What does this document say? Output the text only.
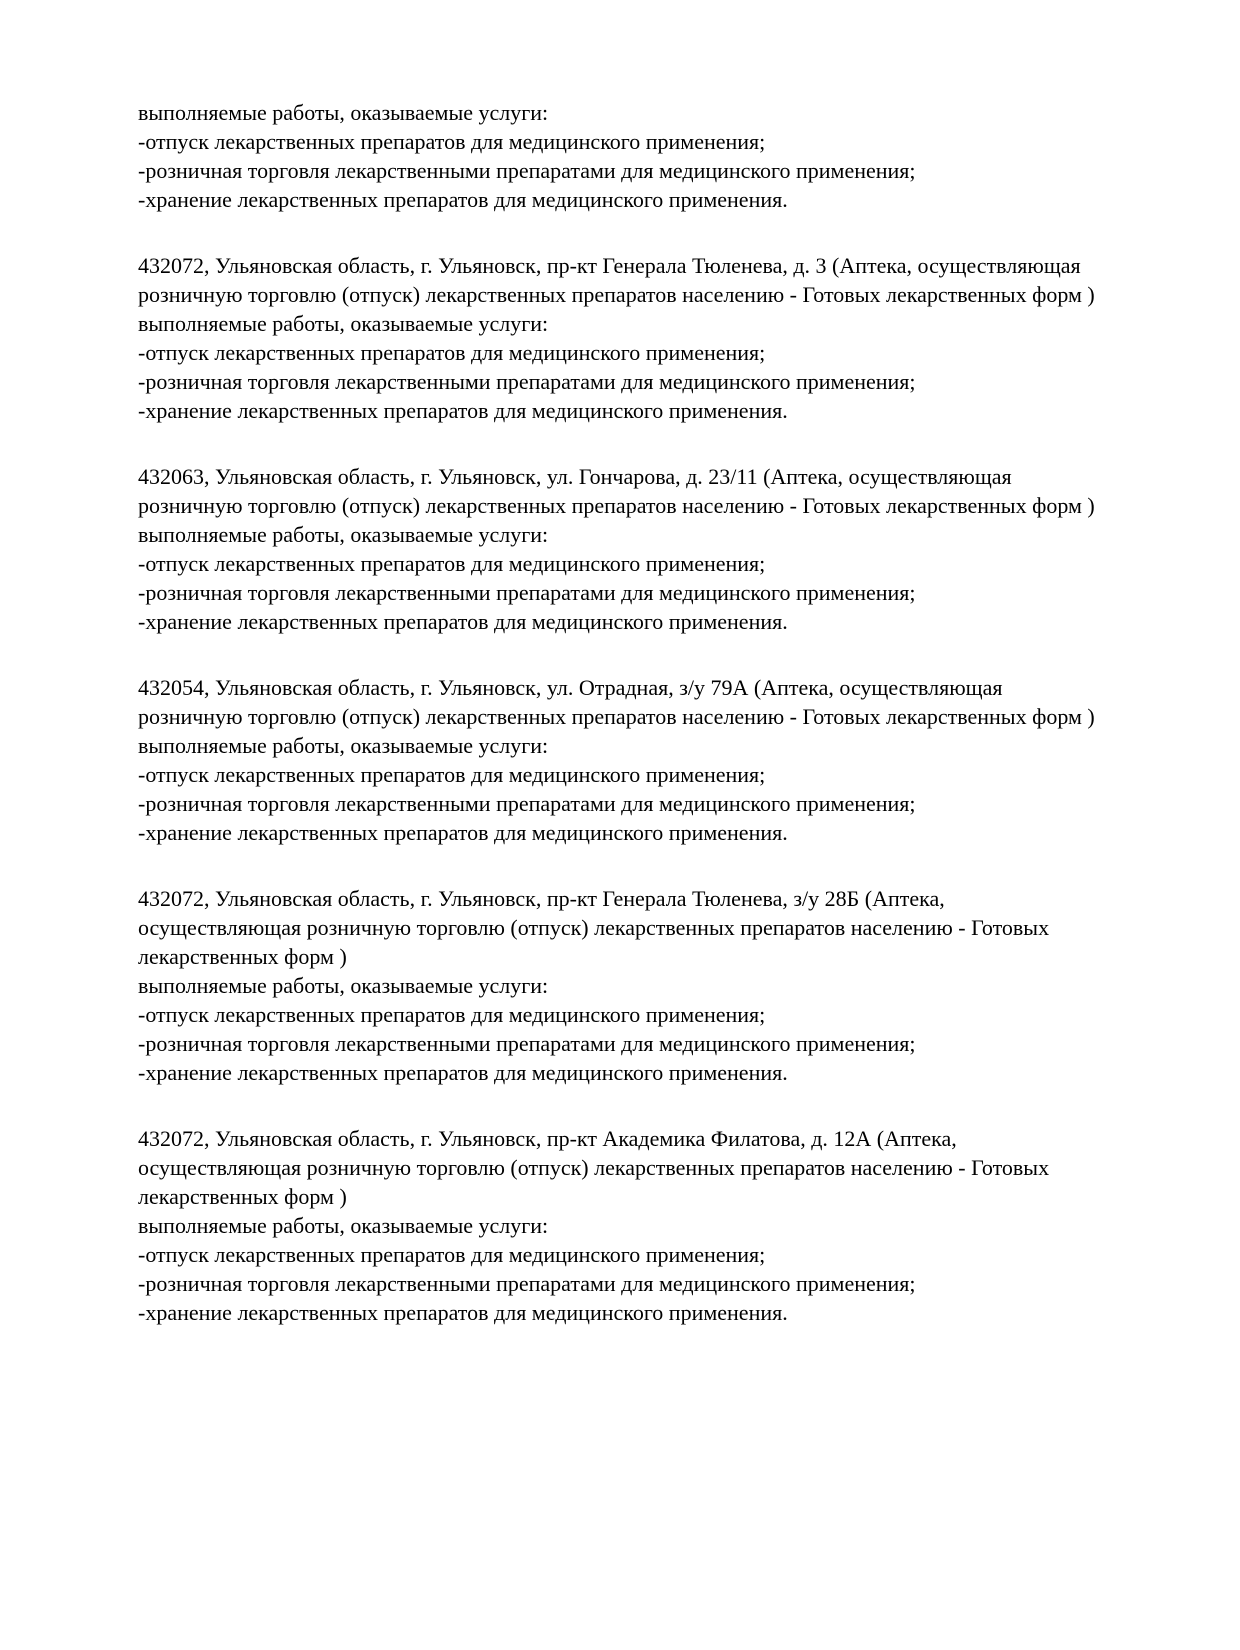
выполняемые работы, оказываемые услуги:

-отпуск лекарственных препаратов для медицинского применения;

-розничная торговля лекарственными препаратами для медицинского применения;

-хранение лекарственных препаратов для медицинского применения.

432072, Ульяновская область, г. Ульяновск, пр-кт Генерала Тюленева, д. 3 (Аптека, осуществляющая розничную торговлю (отпуск) лекарственных препаратов населению - Готовых лекарственных форм )

выполняемые работы, оказываемые услуги:

-отпуск лекарственных препаратов для медицинского применения;

-розничная торговля лекарственными препаратами для медицинского применения;

-хранение лекарственных препаратов для медицинского применения.

432063, Ульяновская область, г. Ульяновск, ул. Гончарова, д. 23/11 (Аптека, осуществляющая розничную торговлю (отпуск) лекарственных препаратов населению - Готовых лекарственных форм )

выполняемые работы, оказываемые услуги:

-отпуск лекарственных препаратов для медицинского применения;

-розничная торговля лекарственными препаратами для медицинского применения;

-хранение лекарственных препаратов для медицинского применения.

432054, Ульяновская область, г. Ульяновск, ул. Отрадная, з/у 79А (Аптека, осуществляющая розничную торговлю (отпуск) лекарственных препаратов населению - Готовых лекарственных форм )

выполняемые работы, оказываемые услуги:

-отпуск лекарственных препаратов для медицинского применения;

-розничная торговля лекарственными препаратами для медицинского применения;

-хранение лекарственных препаратов для медицинского применения.

432072, Ульяновская область, г. Ульяновск, пр-кт Генерала Тюленева, з/у 28Б (Аптека, осуществляющая розничную торговлю (отпуск) лекарственных препаратов населению - Готовых лекарственных форм )

выполняемые работы, оказываемые услуги:

-отпуск лекарственных препаратов для медицинского применения;

-розничная торговля лекарственными препаратами для медицинского применения;

-хранение лекарственных препаратов для медицинского применения.

432072, Ульяновская область, г. Ульяновск, пр-кт Академика Филатова, д. 12А (Аптека, осуществляющая розничную торговлю (отпуск) лекарственных препаратов населению - Готовых лекарственных форм )

выполняемые работы, оказываемые услуги:

-отпуск лекарственных препаратов для медицинского применения;

-розничная торговля лекарственными препаратами для медицинского применения;

-хранение лекарственных препаратов для медицинского применения.
